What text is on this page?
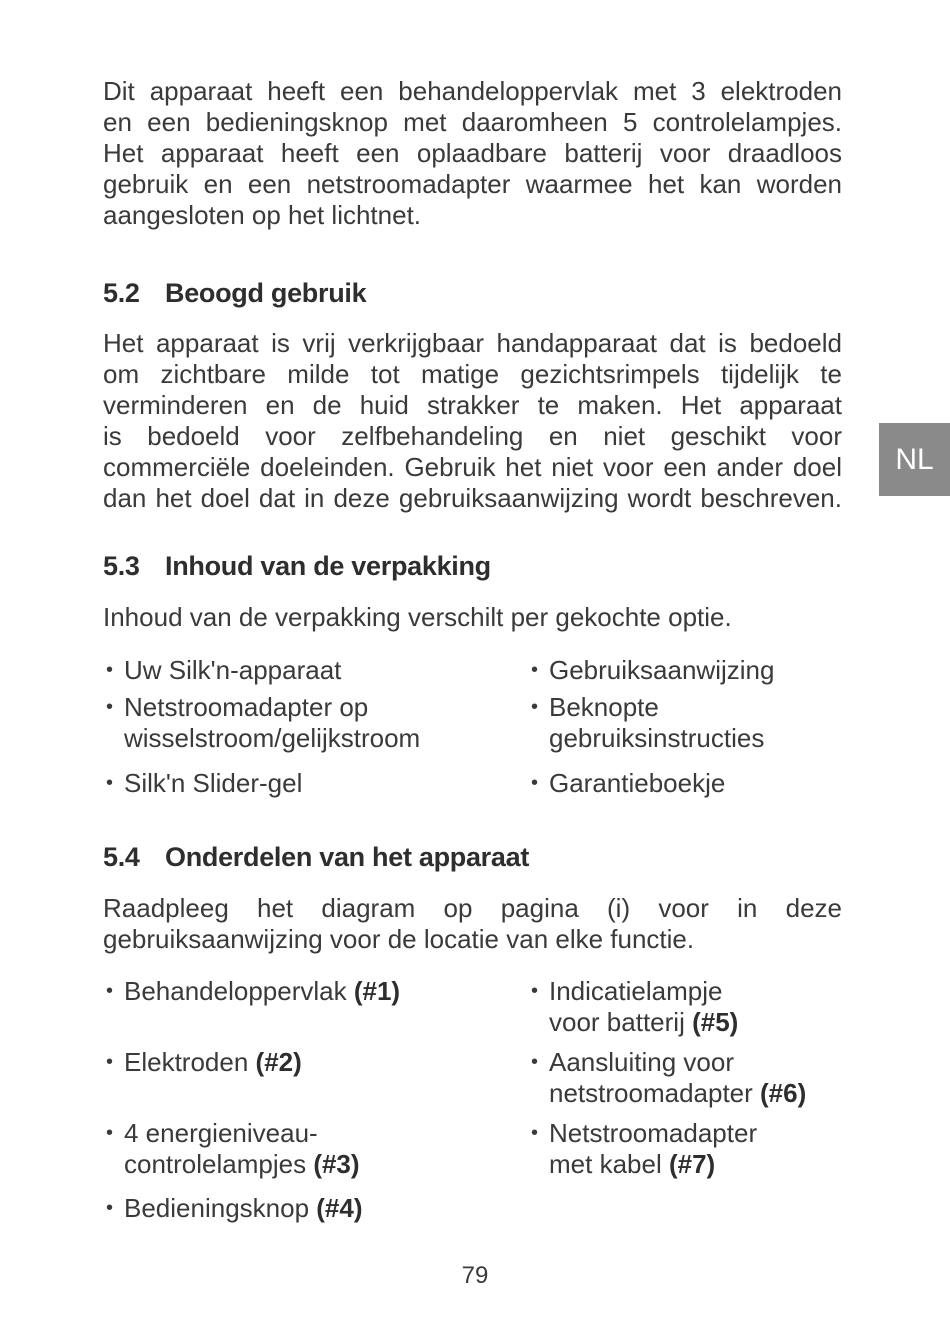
Dit apparaat heeft een behandeloppervlak met 3 elektroden

en een bedieningsknop met daaromheen 5 controlelampjes.

Het apparaat heeft een oplaadbare batterij voor draadloos

gebruik en een netstroomadapter waarmee het kan worden

aangesloten op het lichtnet.

5.2 Beoogd gebruik

Het apparaat is vrij verkrijgbaar handapparaat dat is bedoeld

om zichtbare milde tot matige gezichtsrimpels tijdelijk te

verminderen en de huid strakker te maken. Het apparaat

is bedoeld voor zelfbehandeling en niet geschikt voor

commerciële doeleinden. Gebruik het niet voor een ander doel

dan het doel dat in deze gebruiksaanwijzing wordt beschreven.

NL
5.3 Inhoud van de verpakking

Inhoud van de verpakking verschilt per gekochte optie.

• Uw Silk'n-apparaat
• Netstroomadapter op
wisselstroom/gelijkstroom
• Silk'n Slider-gel
• Gebruiksaanwijzing
• Beknopte
gebruiksinstructies
• Garantieboekje
5.4 Onderdelen van het apparaat

Raadpleeg het diagram op pagina (i) voor in deze

gebruiksaanwijzing voor de locatie van elke functie.

• Behandeloppervlak (#1)
• Elektroden (#2)
• 4 energieniveau-
controlelampjes (#3)
• Bedieningsknop (#4)
• Indicatielampje
voor batterij (#5)
• Aansluiting voor
netstroomadapter (#6)
• Netstroomadapter
met kabel (#7)
79
